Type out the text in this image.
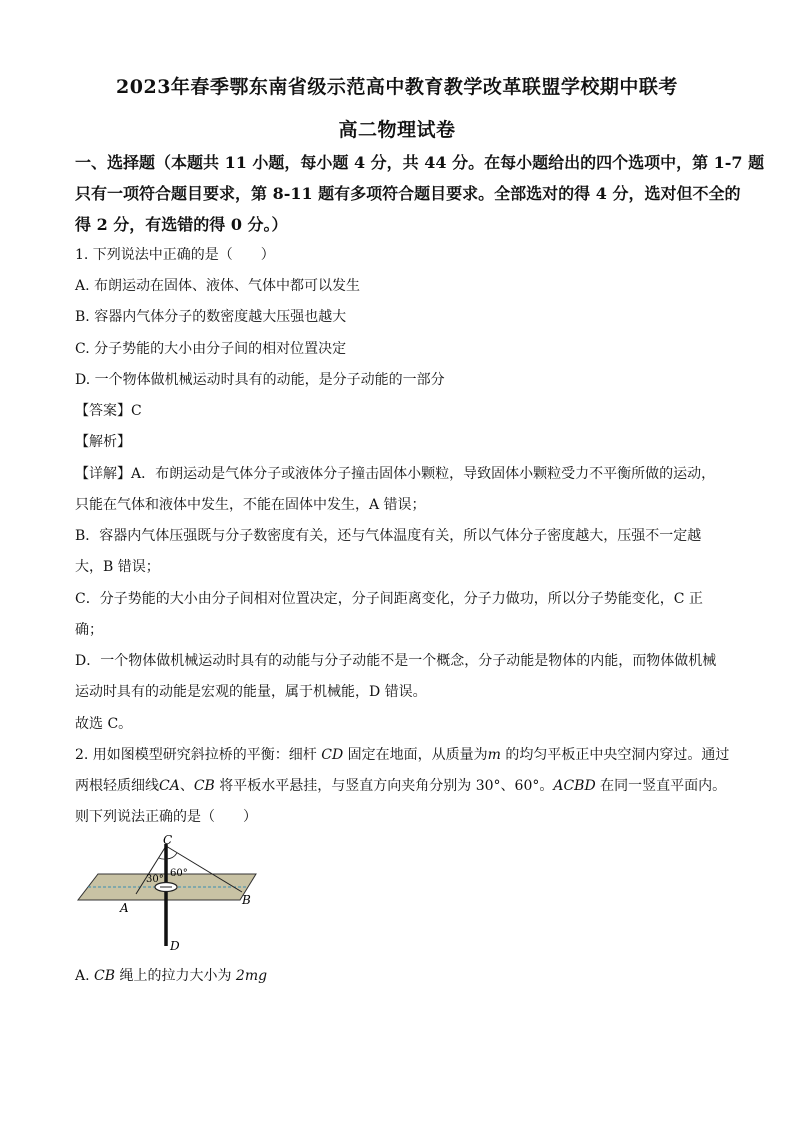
2023年春季鄂东南省级示范高中教育教学改革联盟学校期中联考
高二物理试卷
一、选择题（本题共 11 小题，每小题 4 分，共 44 分。在每小题给出的四个选项中，第 1-7 题
只有一项符合题目要求，第 8-11 题有多项符合题目要求。全部选对的得 4 分，选对但不全的
得 2 分，有选错的得 0 分。）
1. 下列说法中正确的是（　　）
A. 布朗运动在固体、液体、气体中都可以发生
B. 容器内气体分子的数密度越大压强也越大
C. 分子势能的大小由分子间的相对位置决定
D. 一个物体做机械运动时具有的动能，是分子动能的一部分
【答案】C
【解析】
【详解】A．布朗运动是气体分子或液体分子撞击固体小颗粒，导致固体小颗粒受力不平衡所做的运动，
只能在气体和液体中发生，不能在固体中发生，A 错误；
B．容器内气体压强既与分子数密度有关，还与气体温度有关，所以气体分子密度越大，压强不一定越
大，B 错误；
C．分子势能的大小由分子间相对位置决定，分子间距离变化，分子力做功，所以分子势能变化，C 正
确；
D．一个物体做机械运动时具有的动能与分子动能不是一个概念，分子动能是物体的内能，而物体做机械
运动时具有的动能是宏观的能量，属于机械能，D 错误。
故选 C。
2. 用如图模型研究斜拉桥的平衡：细杆 CD 固定在地面，从质量为m 的均匀平板正中央空洞内穿过。通过
两根轻质细线CA、CB 将平板水平悬挂，与竖直方向夹角分别为 30°、60°。ACBD 在同一竖直平面内。
则下列说法正确的是（　　）
C
30°
60°
A
B
D
A. CB 绳上的拉力大小为 2mg
